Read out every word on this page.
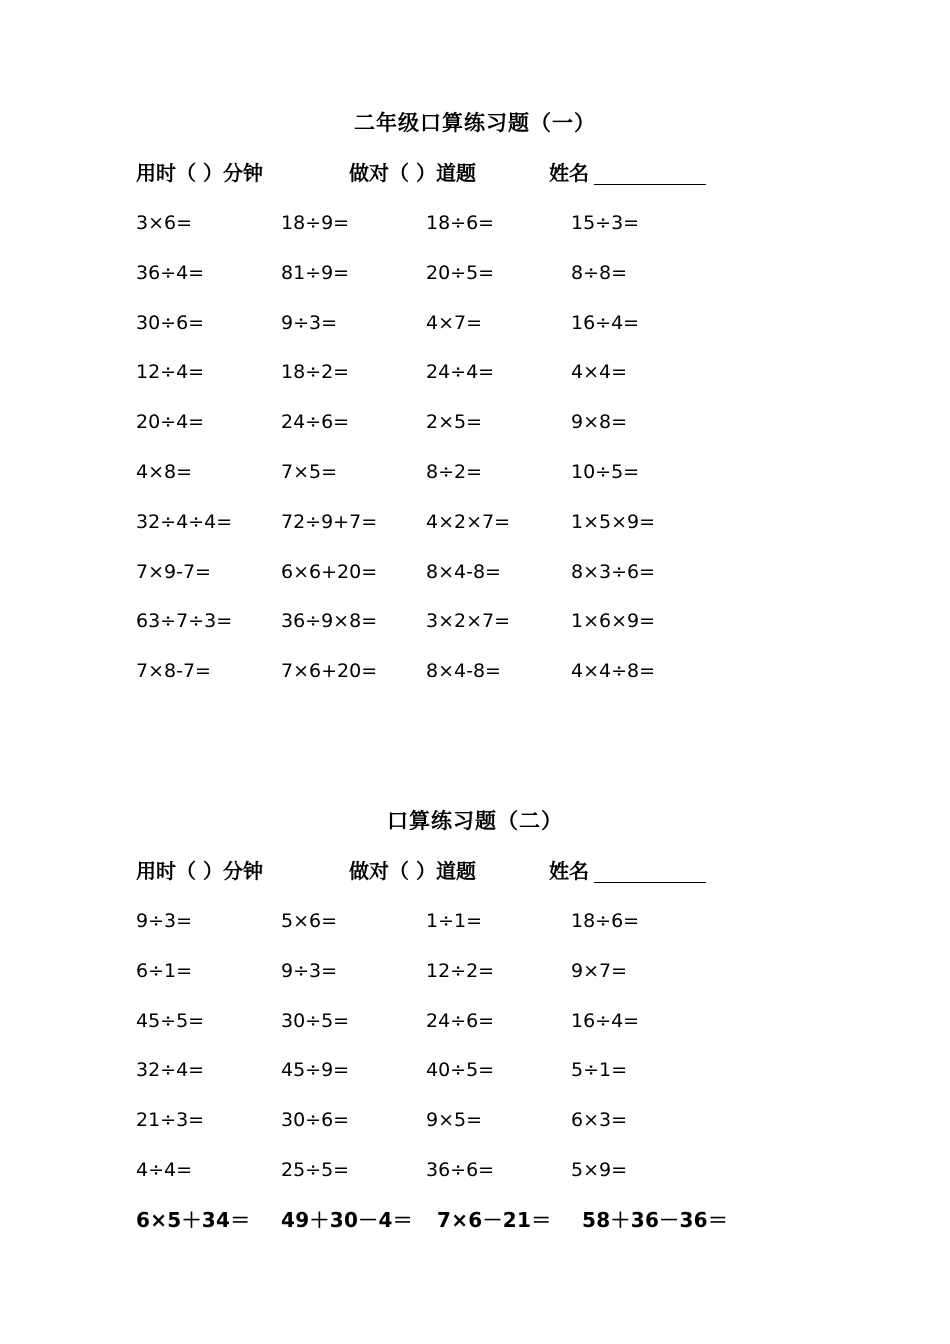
二年级口算练习题（一）
用时（ ）分钟	做对（ ）道题	姓名
3×6=	18÷9=	18÷6=	15÷3=
36÷4=	81÷9=	20÷5=	8÷8=
30÷6=	9÷3=	4×7=	16÷4=
12÷4=	18÷2=	24÷4=	4×4=
20÷4=	24÷6=	2×5=	9×8=
4×8=	7×5=	8÷2=	10÷5=
32÷4÷4=	72÷9+7=	4×2×7=	1×5×9=
7×9-7=	6×6+20=	8×4-8=	8×3÷6=
63÷7÷3=	36÷9×8=	3×2×7=	1×6×9=
7×8-7=	7×6+20=	8×4-8=	4×4÷8=
口算练习题（二）
用时（ ）分钟	做对（ ）道题	姓名
9÷3=	5×6=	1÷1=	18÷6=
6÷1=	9÷3=	12÷2=	9×7=
45÷5=	30÷5=	24÷6=	16÷4=
32÷4=	45÷9=	40÷5=	5÷1=
21÷3=	30÷6=	9×5=	6×3=
4÷4=	25÷5=	36÷6=	5×9=
6×5＋34＝ 49＋30－4＝ 7×6－21＝ 58＋36－36＝
